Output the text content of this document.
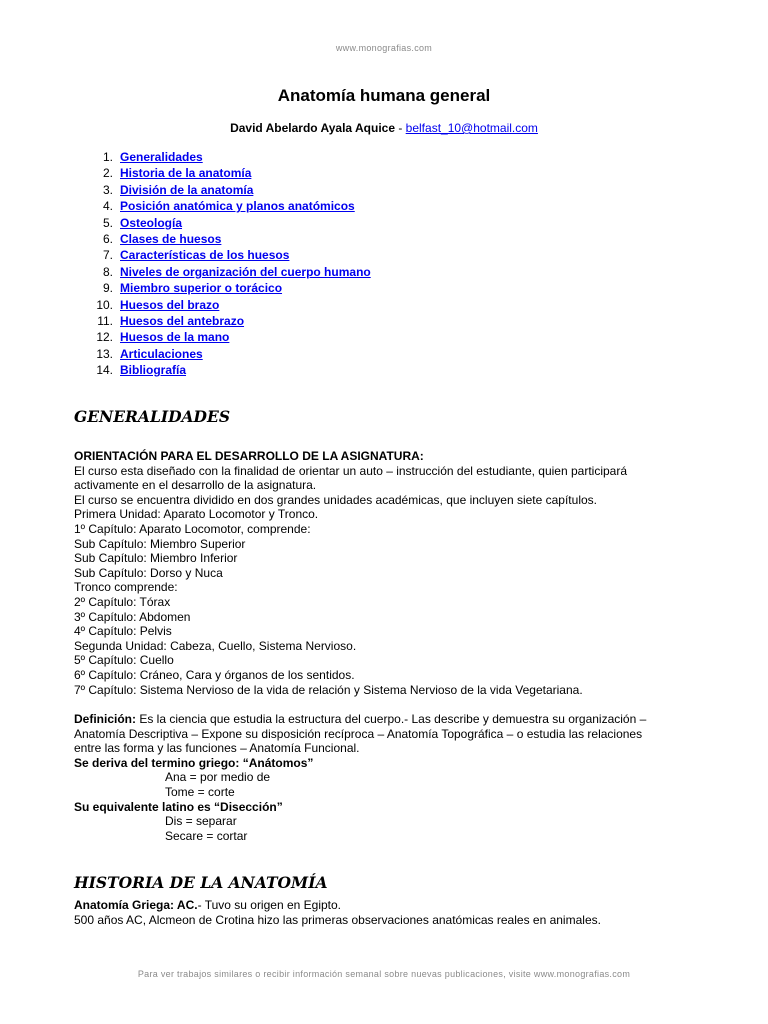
www.monografias.com
Anatomía humana general
David Abelardo Ayala Aquice - belfast_10@hotmail.com
1. Generalidades
2. Historia de la anatomía
3. División de la anatomía
4. Posición anatómica y planos anatómicos
5. Osteología
6. Clases de huesos
7. Características de los huesos
8. Niveles de organización del cuerpo humano
9. Miembro superior o torácico
10. Huesos del brazo
11. Huesos del antebrazo
12. Huesos de la mano
13. Articulaciones
14. Bibliografía
GENERALIDADES

ORIENTACIÓN PARA EL DESARROLLO DE LA ASIGNATURA:

El curso esta diseñado con la finalidad de orientar un auto – instrucción del estudiante, quien participará

activamente en el desarrollo de la asignatura.

El curso se encuentra dividido en dos grandes unidades académicas, que incluyen siete capítulos.

Primera Unidad: Aparato Locomotor y Tronco.

1º Capítulo: Aparato Locomotor, comprende:

Sub Capítulo: Miembro Superior

Sub Capítulo: Miembro Inferior

Sub Capítulo: Dorso y Nuca

Tronco comprende:

2º Capítulo: Tórax

3º Capítulo: Abdomen

4º Capítulo: Pelvis

Segunda Unidad: Cabeza, Cuello, Sistema Nervioso.

5º Capítulo: Cuello

6º Capítulo: Cráneo, Cara y órganos de los sentidos.

7º Capítulo: Sistema Nervioso de la vida de relación y Sistema Nervioso de la vida Vegetariana.

Definición: Es la ciencia que estudia la estructura del cuerpo.- Las describe y demuestra su organización –

Anatomía Descriptiva – Expone su disposición recíproca – Anatomía Topográfica – o estudia las relaciones

entre las forma y las funciones – Anatomía Funcional.

Se deriva del termino griego: “Anátomos”

Ana = por medio de

Tome = corte

Su equivalente latino es “Disección”

Dis = separar

Secare = cortar

HISTORIA DE LA ANATOMÍA

Anatomía Griega: AC.- Tuvo su origen en Egipto.

500 años AC, Alcmeon de Crotina hizo las primeras observaciones anatómicas reales en animales.

Para ver trabajos similares o recibir información semanal sobre nuevas publicaciones, visite www.monografias.com
